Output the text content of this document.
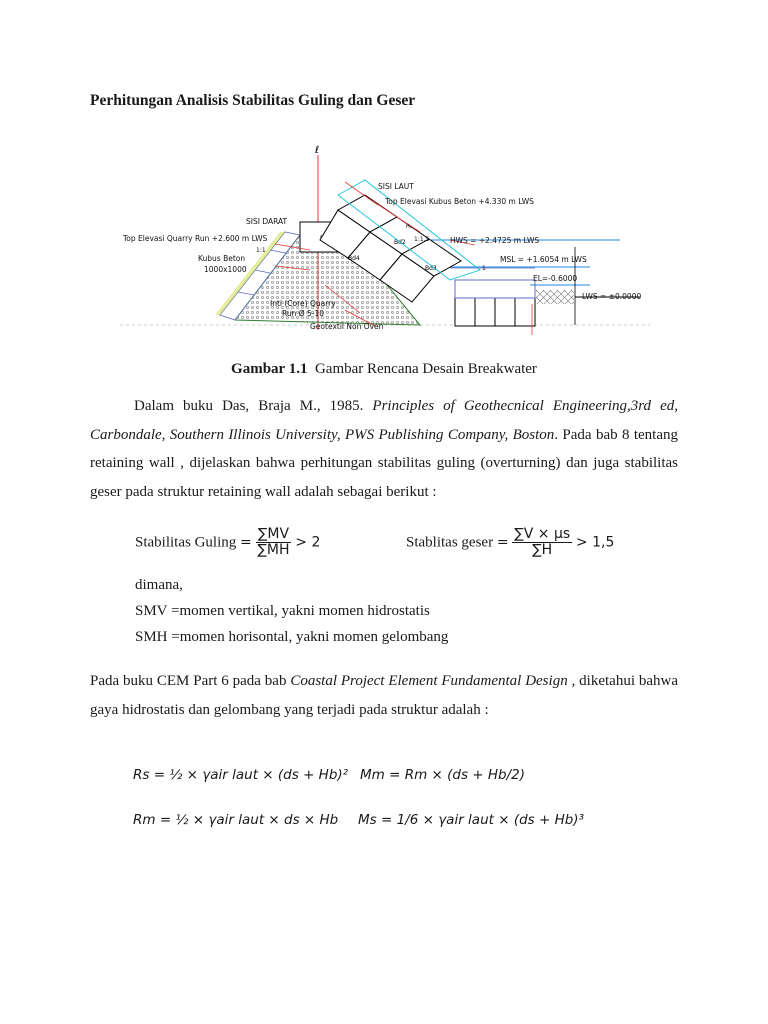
Perhitungan Analisis Stabilitas Guling dan Geser
ℓ
Bd2
Bd3
Bd4
SISI LAUT
Top Elevasi Kubus Beton +4.330 m LWS
SISI DARAT
Top Elevasi Quarry Run +2.600 m LWS	HWS = +2.4725 m LWS
Kubus Beton
1000x1000
MSL = +1.6054 m LWS
EL=-0.6000
LWS = ±0.0000
Inti (Core) Quarry
Run Ø 5-10
Geotextil Non Oven
1:1
1:1.5
H₀
1
Gambar 1.1 Gambar Rencana Desain Breakwater
Dalam buku Das, Braja M., 1985. Principles of Geothecnical Engineering,3rd ed, Carbondale, Southern Illinois University, PWS Publishing Company, Boston. Pada bab 8 tentang retaining wall , dijelaskan bahwa perhitungan stabilitas guling (overturning) dan juga stabilitas geser pada struktur retaining wall adalah sebagai berikut :
Stabilitas Guling = $\frac{\sum MV}{\sum MH} > 2$	Stablitas geser = $\frac{\sum V \times \mu s}{\sum H} > 1,5$
dimana,
SMV =momen vertikal, yakni momen hidrostatis
SMH =momen horisontal, yakni momen gelombang
Pada buku CEM Part 6 pada bab Coastal Project Element Fundamental Design , diketahui bahwa gaya hidrostatis dan gelombang yang terjadi pada struktur adalah :
Rs = ½ × γair laut × (ds + Hb)² Mm = Rm × (ds + Hb/2)
Rm = ½ × γair laut × ds × Hb Ms = 1/6 × γair laut × (ds + Hb)³
